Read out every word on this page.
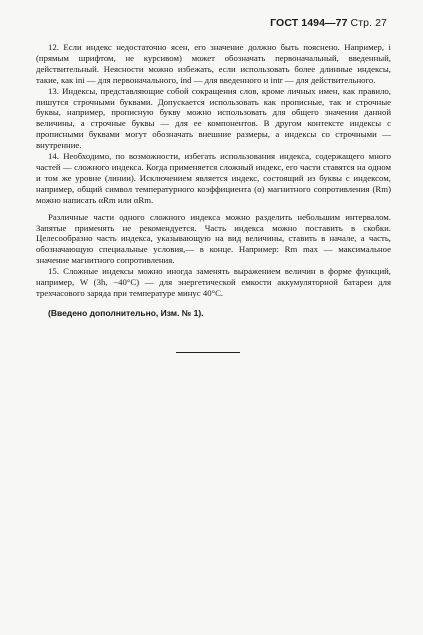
ГОСТ 1494—77 Стр. 27

12. Если индекс недостаточно ясен, его значение должно быть пояснено. Например, i (прямым шрифтом, не курсивом) может обозначать первоначальный, введенный, действительный. Неясности можно избежать, если использовать более длинные индексы, такие, как ini — для первоначального, ind — для введенного и intr — для действительного.

13. Индексы, представляющие собой сокращения слов, кроме личных имен, как правило, пишутся строчными буквами. Допускается использовать как прописные, так и строчные буквы, например, прописную букву можно использовать для общего значения данной величины, а строчные буквы — для ее компонентов. В другом контексте индексы с прописными буквами могут обозначать внешние размеры, а индексы со строчными — внутренние.

14. Необходимо, по возможности, избегать использования индекса, содержащего много частей — сложного индекса. Когда применяется сложный индекс, его части ставятся на одном и том же уровне (линии). Исключением является индекс, состоящий из буквы с индексом, например, общий символ температурного коэффициента (α) магнитного сопротивления (Rm) можно написать αRm или αRm.

Различные части одного сложного индекса можно разделить небольшим интервалом. Запятые применять не рекомендуется. Часть индекса можно поставить в скобки. Целесообразно часть индекса, указывающую на вид величины, ставить в начале, а часть, обозначающую специальные условия,— в конце. Например: Rm max — максимальное значение магнитного сопротивления.

15. Сложные индексы можно иногда заменять выражением величин в форме функций, например, W (3h, −40°C) — для энергетической емкости аккумуляторной батареи для трехчасового заряда при температуре минус 40°C.

(Введено дополнительно, Изм. № 1).
